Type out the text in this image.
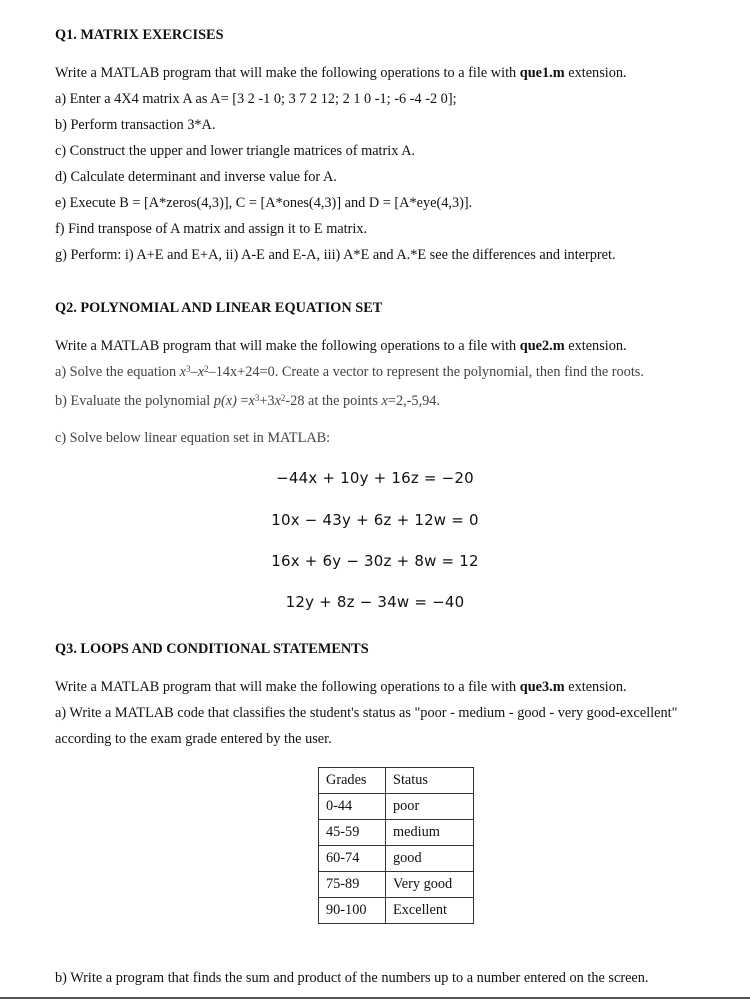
Q1. MATRIX EXERCISES
Write a MATLAB program that will make the following operations to a file with que1.m extension.
a) Enter a 4X4 matrix A as A= [3 2 -1 0; 3 7 2 12; 2 1 0 -1; -6 -4 -2 0];
b) Perform transaction 3*A.
c) Construct the upper and lower triangle matrices of matrix A.
d) Calculate determinant and inverse value for A.
e) Execute B = [A*zeros(4,3)], C = [A*ones(4,3)] and D = [A*eye(4,3)].
f) Find transpose of A matrix and assign it to E matrix.
g) Perform: i) A+E and E+A, ii) A-E and E-A, iii) A*E and A.*E see the differences and interpret.
Q2. POLYNOMIAL AND LINEAR EQUATION SET
Write a MATLAB program that will make the following operations to a file with que2.m extension.
a) Solve the equation $x^3-x^2-14x+24=0$. Create a vector to represent the polynomial, then find the roots.
b) Evaluate the polynomial $p(x) =x^3+3x^2-28$ at the points x=2,-5,94.
c) Solve below linear equation set in MATLAB:
−44x + 10y + 16z = −20
10x − 43y + 6z + 12w = 0
16x + 6y − 30z + 8w = 12
12y + 8z − 34w = −40
Q3. LOOPS AND CONDITIONAL STATEMENTS
Write a MATLAB program that will make the following operations to a file with que3.m extension.
a) Write a MATLAB code that classifies the student's status as "poor - medium - good - very good-excellent"
according to the exam grade entered by the user.
Grades	Status
0-44	poor
45-59	medium
60-74	good
75-89	Very good
90-100	Excellent
b) Write a program that finds the sum and product of the numbers up to a number entered on the screen.
